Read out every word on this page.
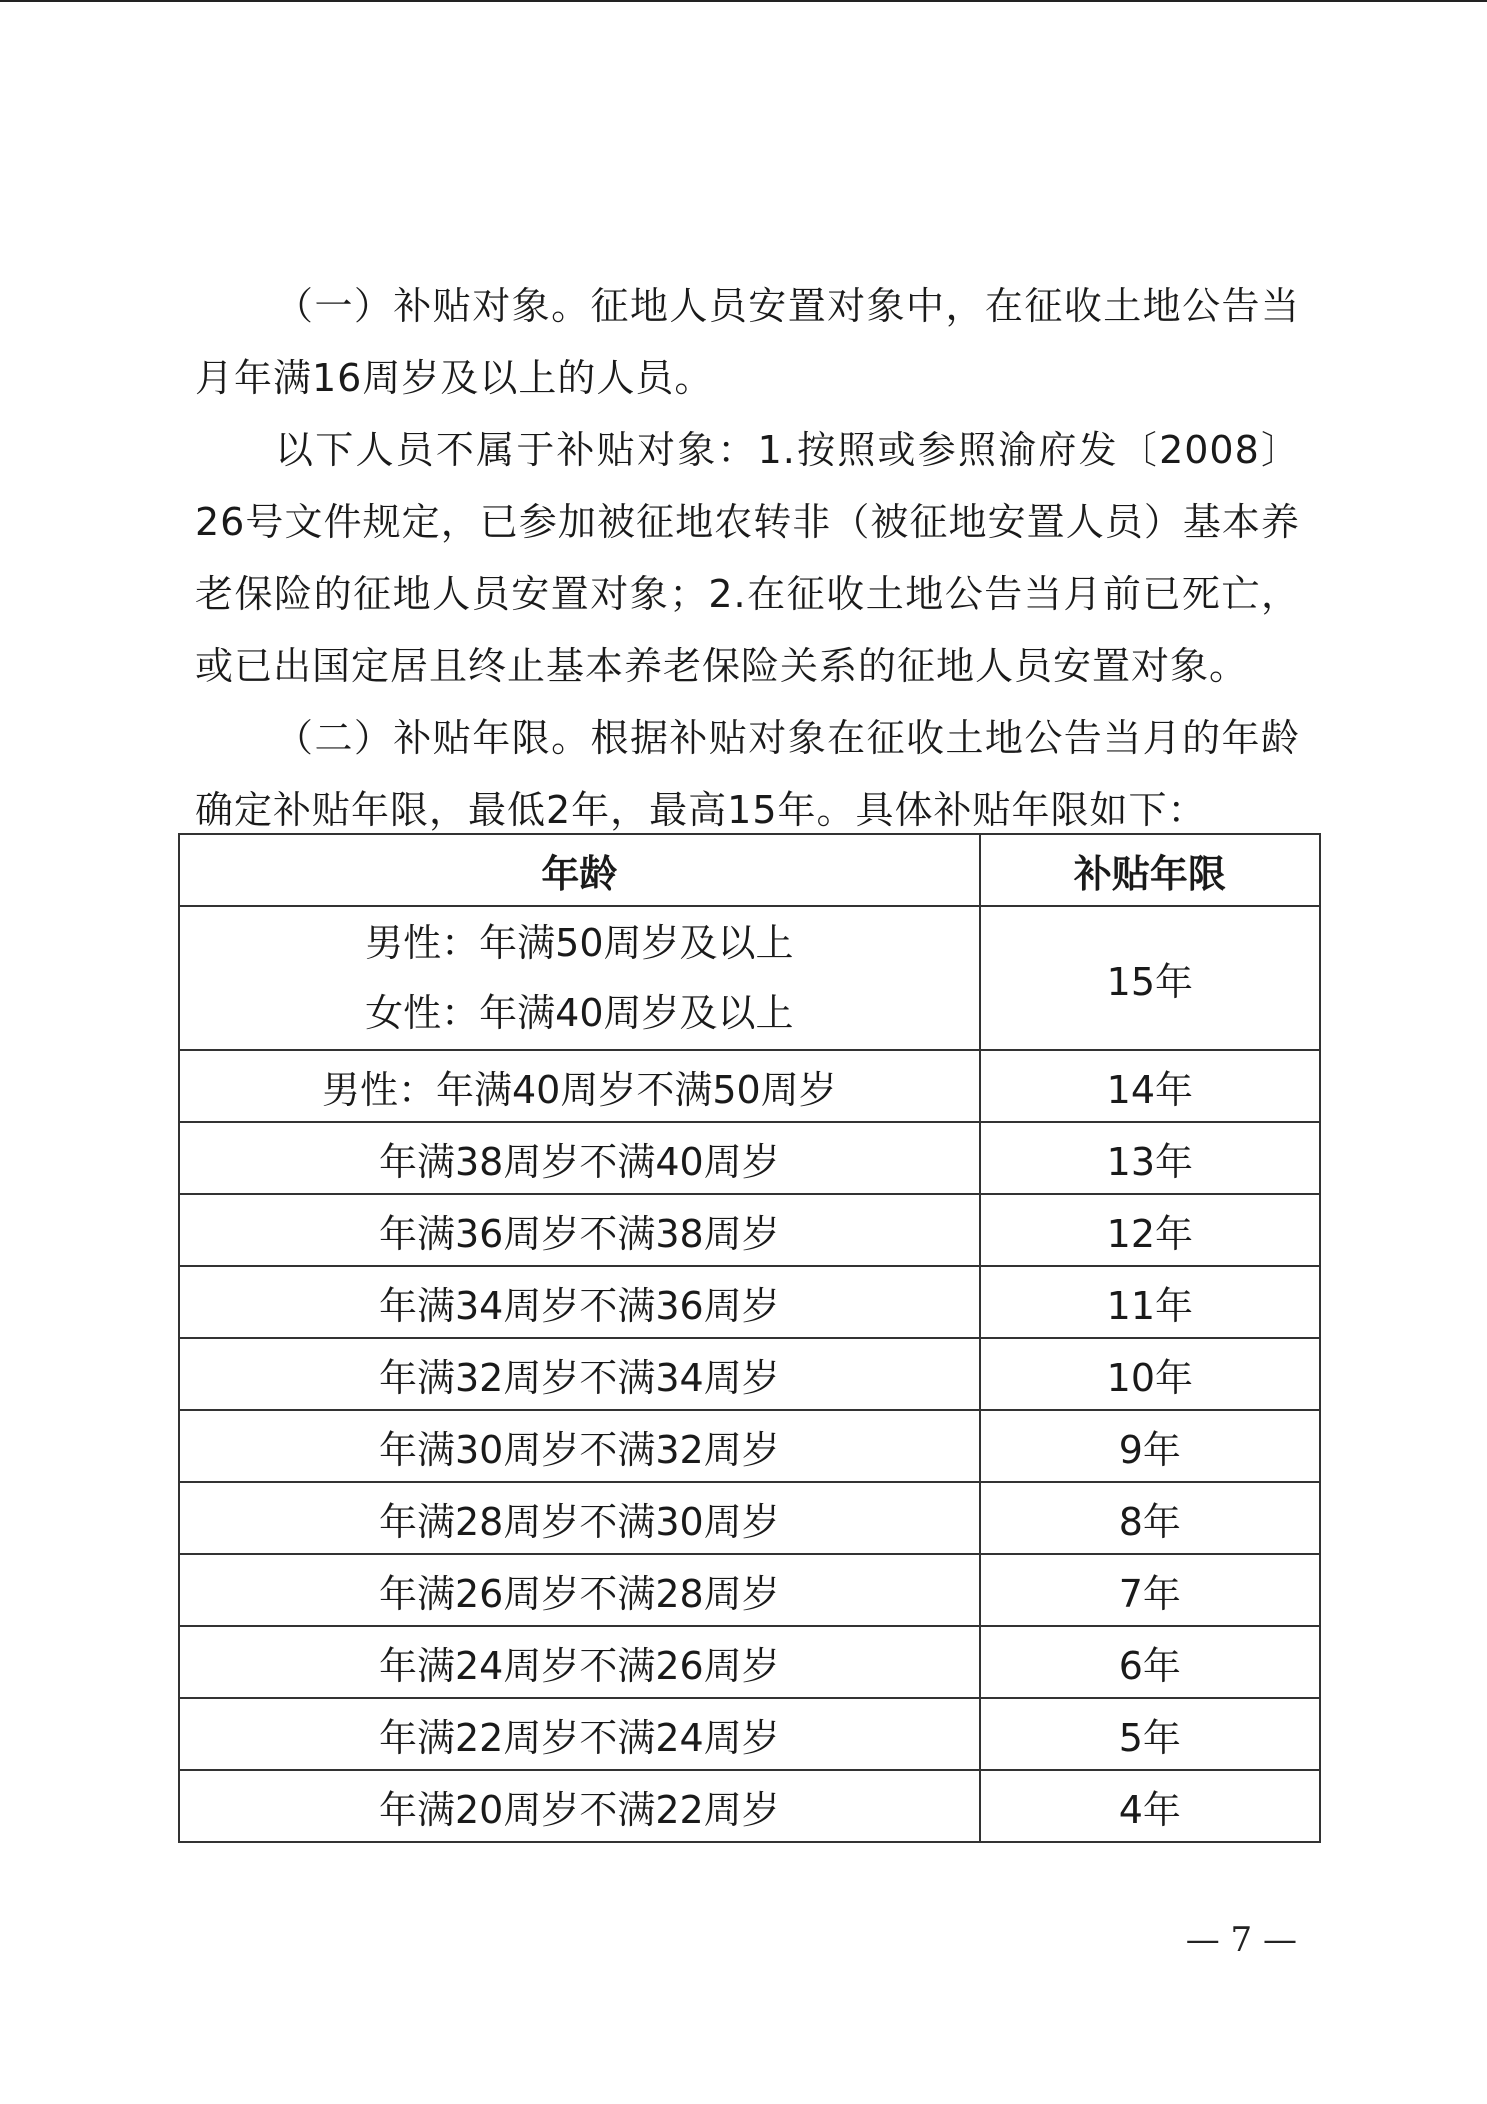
（一）补贴对象。征地人员安置对象中，在征收土地公告当月年满16周岁及以上的人员。

以下人员不属于补贴对象：1.按照或参照渝府发〔2008〕26号文件规定，已参加被征地农转非（被征地安置人员）基本养老保险的征地人员安置对象；2.在征收土地公告当月前已死亡，或已出国定居且终止基本养老保险关系的征地人员安置对象。

（二）补贴年限。根据补贴对象在征收土地公告当月的年龄确定补贴年限，最低2年，最高15年。具体补贴年限如下：

年龄	补贴年限

男性：年满50周岁及以上
女性：年满40周岁及以上	15年
男性：年满40周岁不满50周岁	14年
年满38周岁不满40周岁	13年
年满36周岁不满38周岁	12年
年满34周岁不满36周岁	11年
年满32周岁不满34周岁	10年
年满30周岁不满32周岁	9年
年满28周岁不满30周岁	8年
年满26周岁不满28周岁	7年
年满24周岁不满26周岁	6年
年满22周岁不满24周岁	5年
年满20周岁不满22周岁	4年
— 7 —
